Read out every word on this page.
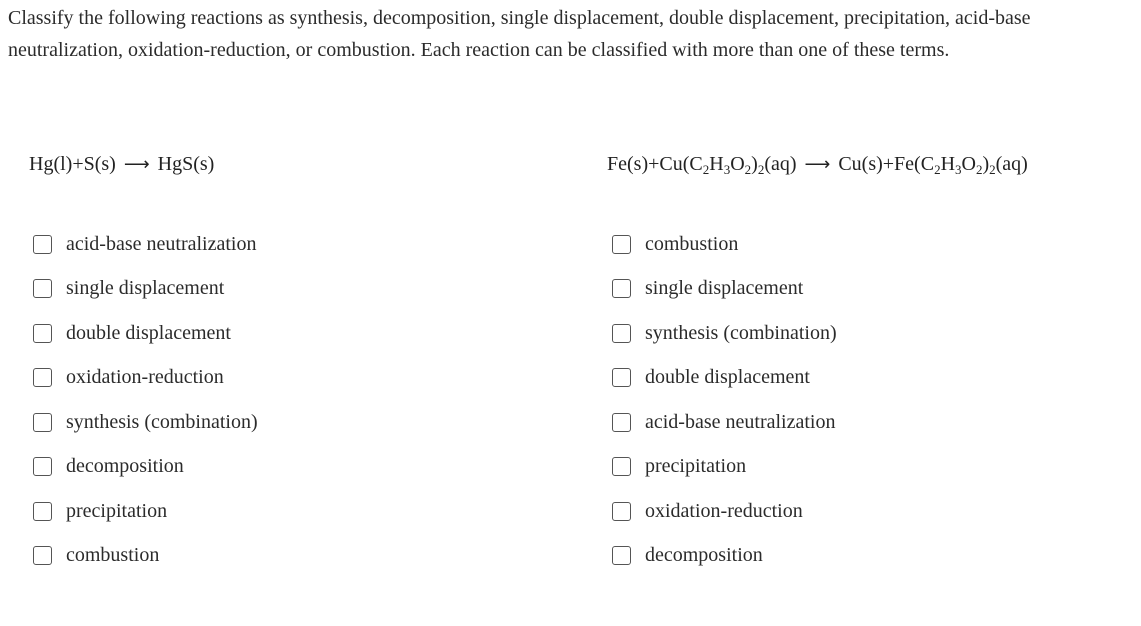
Classify the following reactions as synthesis, decomposition, single displacement, double displacement, precipitation, acid-base neutralization, oxidation-reduction, or combustion. Each reaction can be classified with more than one of these terms.
Hg(l)+S(s) ⟶ HgS(s)	$Fe(s)+Cu(C_2H_3O_2)_2(aq)$ ⟶ $Cu(s)+Fe(C_2H_3O_2)_2(aq)$
acid-base neutralization
single displacement
double displacement
oxidation-reduction
synthesis (combination)
decomposition
precipitation
combustion
combustion
single displacement
synthesis (combination)
double displacement
acid-base neutralization
precipitation
oxidation-reduction
decomposition
